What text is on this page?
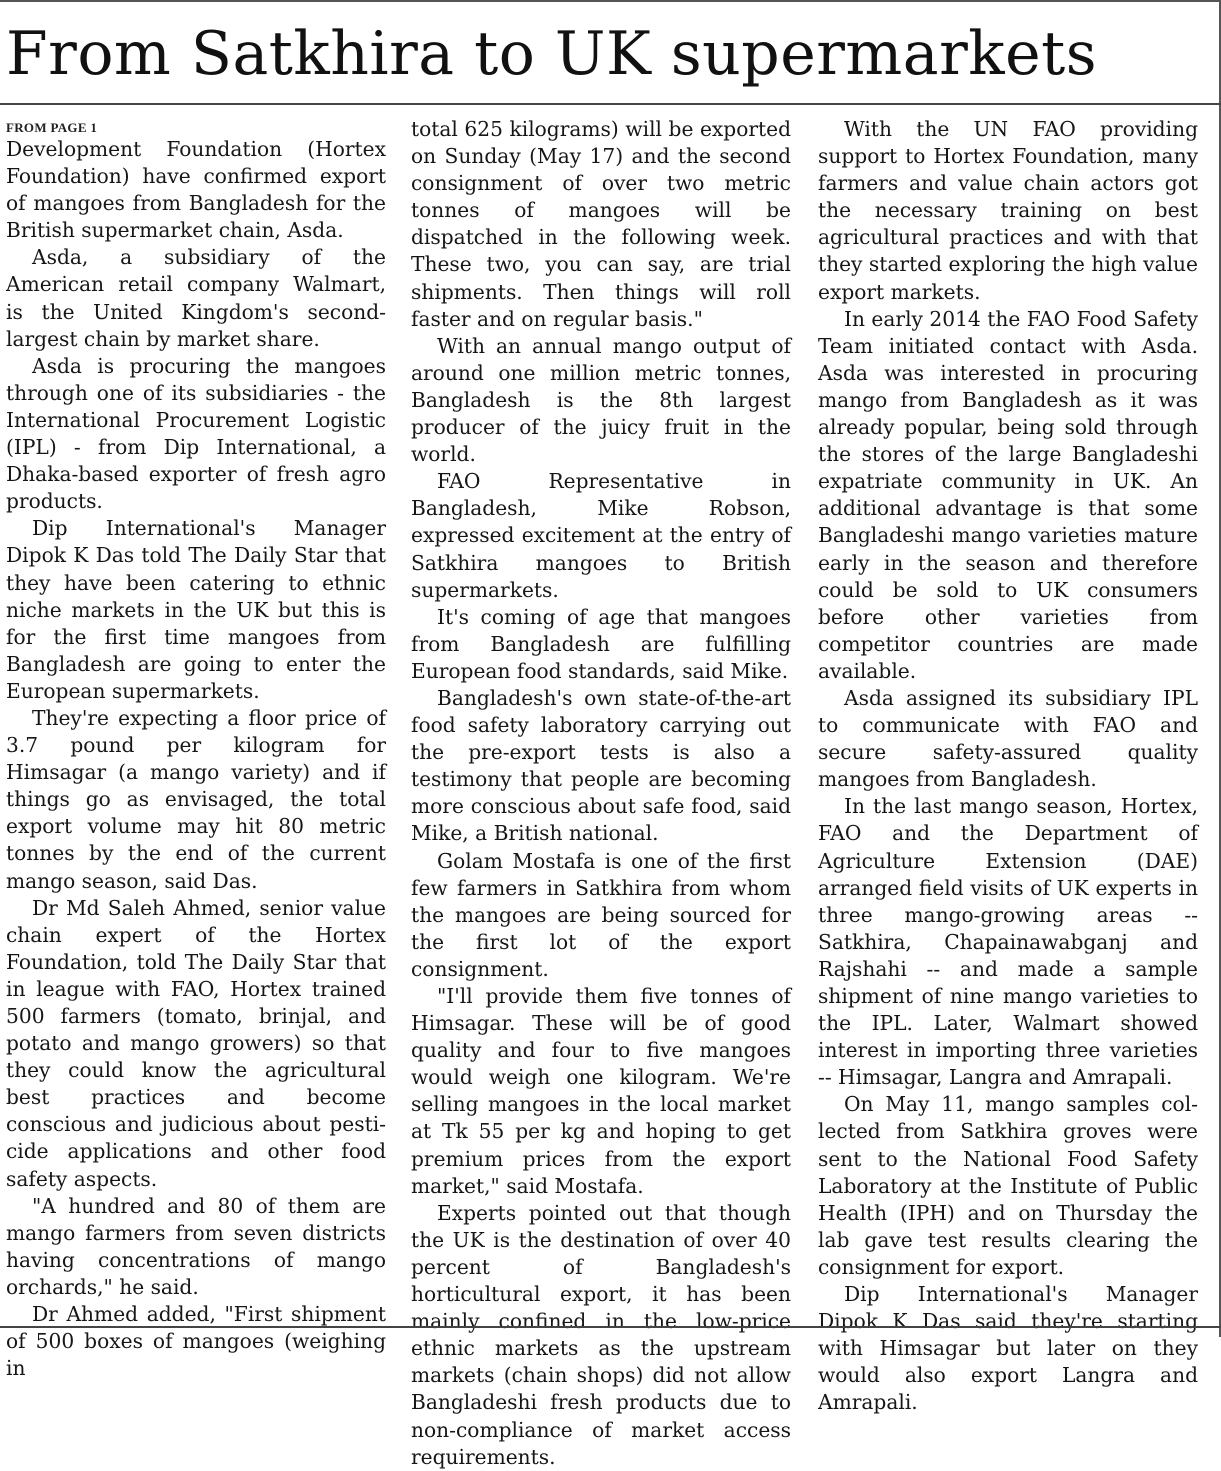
From Satkhira to UK supermarkets
FROM PAGE 1

Development Foundation (Hortex Foundation) have confirmed export of mangoes from Bangladesh for the British supermarket chain, Asda.

Asda, a subsidiary of the American retail company Walmart, is the United Kingdom's second-largest chain by market share.

Asda is procuring the mangoes through one of its subsidiaries - the International Procurement Logistic (IPL) - from Dip International, a Dhaka-based exporter of fresh agro products.

Dip International's Manager Dipok K Das told The Daily Star that they have been catering to ethnic niche markets in the UK but this is for the first time mangoes from Bangladesh are going to enter the European supermarkets.

They're expecting a floor price of 3.7 pound per kilogram for Himsagar (a mango variety) and if things go as envisaged, the total export volume may hit 80 metric tonnes by the end of the current mango season, said Das.

Dr Md Saleh Ahmed, senior value chain expert of the Hortex Foundation, told The Daily Star that in league with FAO, Hortex trained 500 farmers (tomato, brinjal, and potato and mango growers) so that they could know the agricultural best practices and become conscious and judicious about pesticide applications and other food safety aspects.

"A hundred and 80 of them are mango farmers from seven districts having concentrations of mango orchards," he said.

Dr Ahmed added, "First shipment of 500 boxes of mangoes (weighing in

total 625 kilograms) will be exported on Sunday (May 17) and the second consignment of over two metric tonnes of mangoes will be dispatched in the following week. These two, you can say, are trial shipments. Then things will roll faster and on regular basis."

With an annual mango output of around one million metric tonnes, Bangladesh is the 8th largest producer of the juicy fruit in the world.

FAO Representative in Bangladesh, Mike Robson, expressed excitement at the entry of Satkhira mangoes to British supermarkets.

It's coming of age that mangoes from Bangladesh are fulfilling European food standards, said Mike.

Bangladesh's own state-of-the-art food safety laboratory carrying out the pre-export tests is also a testimony that people are becoming more conscious about safe food, said Mike, a British national.

Golam Mostafa is one of the first few farmers in Satkhira from whom the mangoes are being sourced for the first lot of the export consignment.

"I'll provide them five tonnes of Himsagar. These will be of good quality and four to five mangoes would weigh one kilogram. We're selling mangoes in the local market at Tk 55 per kg and hoping to get premium prices from the export market," said Mostafa.

Experts pointed out that though the UK is the destination of over 40 percent of Bangladesh's horticultural export, it has been mainly confined in the low-price ethnic markets as the upstream markets (chain shops) did not allow Bangladeshi fresh products due to non-compliance of market access requirements.

With the UN FAO providing support to Hortex Foundation, many farmers and value chain actors got the necessary training on best agricultural practices and with that they started exploring the high value export markets.

In early 2014 the FAO Food Safety Team initiated contact with Asda. Asda was interested in procuring mango from Bangladesh as it was already popular, being sold through the stores of the large Bangladeshi expatriate community in UK. An additional advantage is that some Bangladeshi mango varieties mature early in the season and therefore could be sold to UK consumers before other varieties from competitor countries are made available.

Asda assigned its subsidiary IPL to communicate with FAO and secure safety-assured quality mangoes from Bangladesh.

In the last mango season, Hortex, FAO and the Department of Agriculture Extension (DAE) arranged field visits of UK experts in three mango-growing areas -- Satkhira, Chapainawabganj and Rajshahi -- and made a sample shipment of nine mango varieties to the IPL. Later, Walmart showed interest in importing three varieties -- Himsagar, Langra and Amrapali.

On May 11, mango samples collected from Satkhira groves were sent to the National Food Safety Laboratory at the Institute of Public Health (IPH) and on Thursday the lab gave test results clearing the consignment for export.

Dip International's Manager Dipok K Das said they're starting with Himsagar but later on they would also export Langra and Amrapali.
